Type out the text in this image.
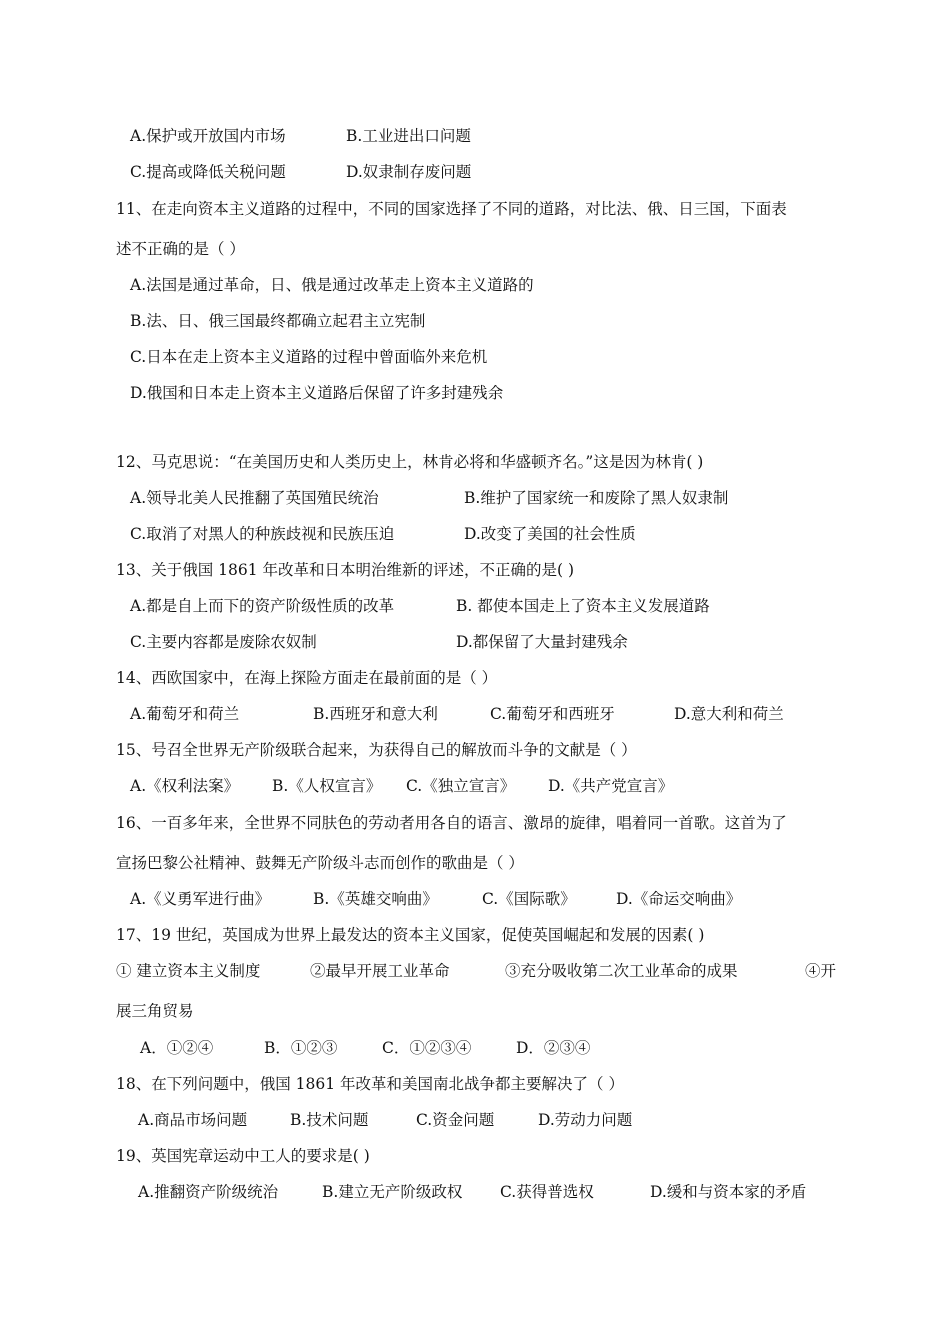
A.保护或开放国内市场	B.工业进出口问题
C.提高或降低关税问题	D.奴隶制存废问题
11、在走向资本主义道路的过程中，不同的国家选择了不同的道路，对比法、俄、日三国，下面表
述不正确的是（ ）
A.法国是通过革命，日、俄是通过改革走上资本主义道路的
B.法、日、俄三国最终都确立起君主立宪制
C.日本在走上资本主义道路的过程中曾面临外来危机
D.俄国和日本走上资本主义道路后保留了许多封建残余
12、马克思说：“在美国历史和人类历史上，林肯必将和华盛顿齐名。”这是因为林肯( )
A.领导北美人民推翻了英国殖民统治	B.维护了国家统一和废除了黑人奴隶制
C.取消了对黑人的种族歧视和民族压迫	D.改变了美国的社会性质
13、关于俄国 1861 年改革和日本明治维新的评述，不正确的是( )
A.都是自上而下的资产阶级性质的改革	B. 都使本国走上了资本主义发展道路
C.主要内容都是废除农奴制	D.都保留了大量封建残余
14、西欧国家中，在海上探险方面走在最前面的是（ ）
A.葡萄牙和荷兰	B.西班牙和意大利	C.葡萄牙和西班牙	D.意大利和荷兰
15、号召全世界无产阶级联合起来，为获得自己的解放而斗争的文献是（ ）
A.《权利法案》 B.《人权宣言》 C.《独立宣言》 D.《共产党宣言》
16、一百多年来，全世界不同肤色的劳动者用各自的语言、激昂的旋律，唱着同一首歌。这首为了
宣扬巴黎公社精神、鼓舞无产阶级斗志而创作的歌曲是（ ）
A.《义勇军进行曲》	B.《英雄交响曲》	C.《国际歌》	D.《命运交响曲》
17、19 世纪，英国成为世界上最发达的资本主义国家，促使英国崛起和发展的因素( )
① 建立资本主义制度	②最早开展工业革命	③充分吸收第二次工业革命的成果	④开
展三角贸易
A．①②④	B．①②③	C．①②③④	D．②③④
18、在下列问题中，俄国 1861 年改革和美国南北战争都主要解决了（ ）
A.商品市场问题	B.技术问题	C.资金问题	D.劳动力问题
19、英国宪章运动中工人的要求是( )
A.推翻资产阶级统治	B.建立无产阶级政权 C.获得普选权	D.缓和与资本家的矛盾
